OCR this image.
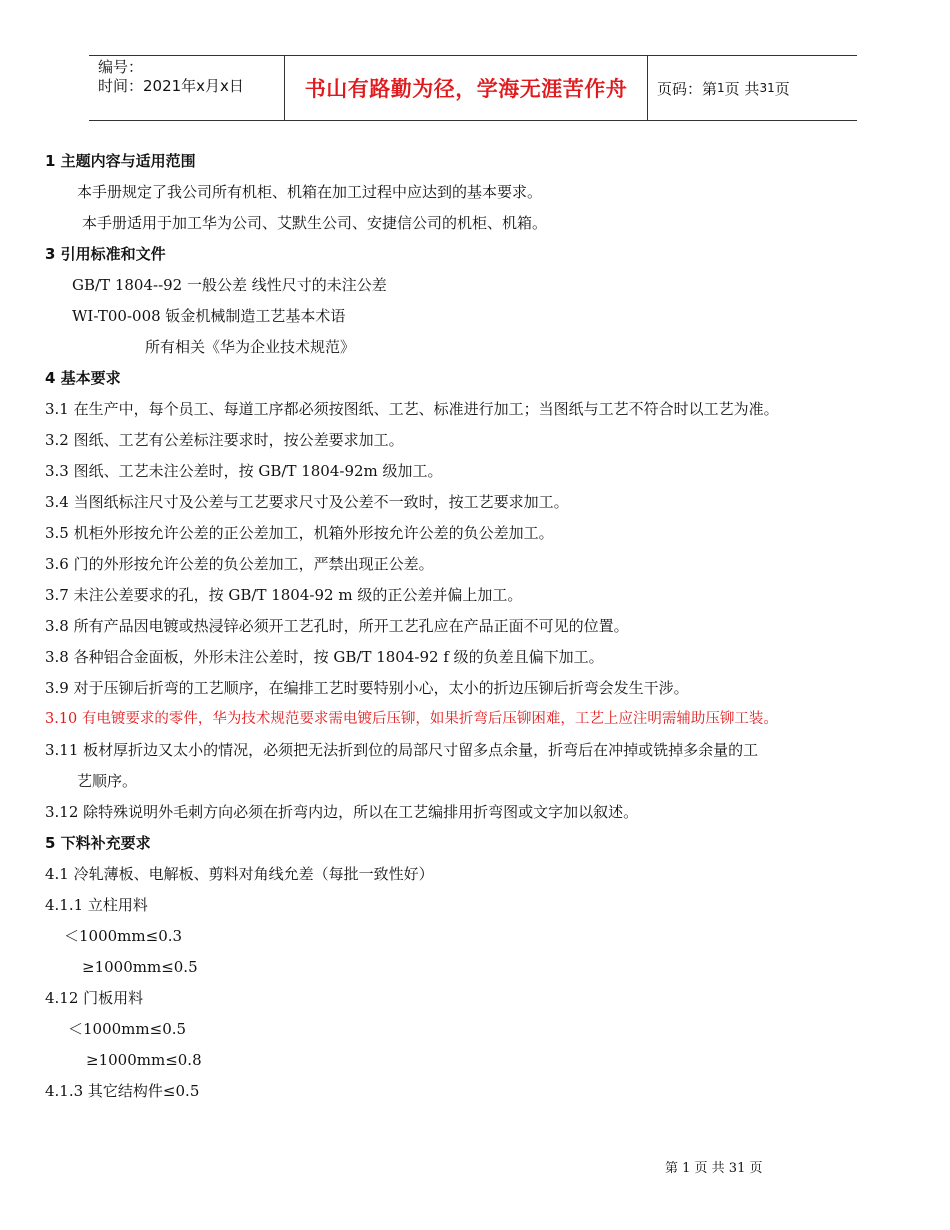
编号：
时间：2021年x月x日	书山有路勤为径，学海无涯苦作舟	页码：第 1 页 共 31 页
1 主题内容与适用范围
本手册规定了我公司所有机柜、机箱在加工过程中应达到的基本要求。
本手册适用于加工华为公司、艾默生公司、安捷信公司的机柜、机箱。
3 引用标准和文件
GB/T 1804--92 一般公差 线性尺寸的未注公差
WI-T00-008 钣金机械制造工艺基本术语
所有相关《华为企业技术规范》
4 基本要求
3.1 在生产中，每个员工、每道工序都必须按图纸、工艺、标准进行加工；当图纸与工艺不符合时以工艺为准。
3.2 图纸、工艺有公差标注要求时，按公差要求加工。
3.3 图纸、工艺未注公差时，按 GB/T 1804-92m 级加工。
3.4 当图纸标注尺寸及公差与工艺要求尺寸及公差不一致时，按工艺要求加工。
3.5 机柜外形按允许公差的正公差加工，机箱外形按允许公差的负公差加工。
3.6 门的外形按允许公差的负公差加工，严禁出现正公差。
3.7 未注公差要求的孔，按 GB/T 1804-92 m 级的正公差并偏上加工。
3.8 所有产品因电镀或热浸锌必须开工艺孔时，所开工艺孔应在产品正面不可见的位置。
3.8 各种铝合金面板，外形未注公差时，按 GB/T 1804-92 f 级的负差且偏下加工。
3.9 对于压铆后折弯的工艺顺序，在编排工艺时要特别小心，太小的折边压铆后折弯会发生干涉。
3.10 有电镀要求的零件，华为技术规范要求需电镀后压铆，如果折弯后压铆困难，工艺上应注明需辅助压铆工装。
3.11 板材厚折边又太小的情况，必须把无法折到位的局部尺寸留多点余量，折弯后在冲掉或铣掉多余量的工
艺顺序。
3.12 除特殊说明外毛刺方向必须在折弯内边，所以在工艺编排用折弯图或文字加以叙述。
5 下料补充要求
4.1 冷轧薄板、电解板、剪料对角线允差（每批一致性好）
4.1.1 立柱用料
＜1000mm≤0.3
≥1000mm≤0.5
4.12 门板用料
＜1000mm≤0.5
≥1000mm≤0.8
4.1.3 其它结构件≤0.5
第 1 页 共 31 页
